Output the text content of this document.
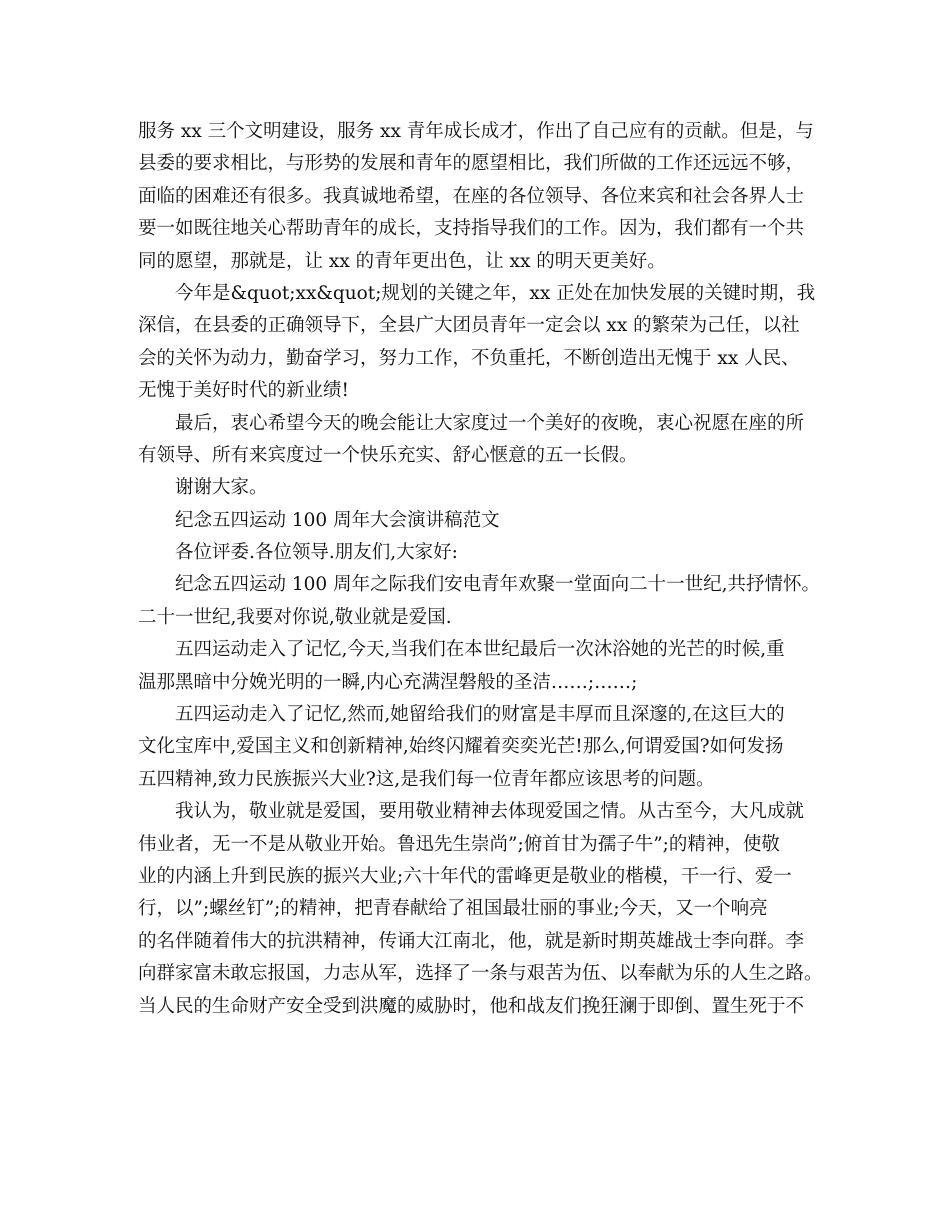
服务 xx 三个文明建设，服务 xx 青年成长成才，作出了自己应有的贡献。但是，与
县委的要求相比，与形势的发展和青年的愿望相比，我们所做的工作还远远不够，
面临的困难还有很多。我真诚地希望，在座的各位领导、各位来宾和社会各界人士
要一如既往地关心帮助青年的成长，支持指导我们的工作。因为，我们都有一个共
同的愿望，那就是，让 xx 的青年更出色，让 xx 的明天更美好。
今年是&quot;xx&quot;规划的关键之年，xx 正处在加快发展的关键时期，我
深信，在县委的正确领导下，全县广大团员青年一定会以 xx 的繁荣为己任，以社
会的关怀为动力，勤奋学习，努力工作，不负重托，不断创造出无愧于 xx 人民、
无愧于美好时代的新业绩!
最后，衷心希望今天的晚会能让大家度过一个美好的夜晚，衷心祝愿在座的所
有领导、所有来宾度过一个快乐充实、舒心惬意的五一长假。
谢谢大家。
纪念五四运动 100 周年大会演讲稿范文
各位评委.各位领导.朋友们,大家好:
纪念五四运动 100 周年之际我们安电青年欢聚一堂面向二十一世纪,共抒情怀。
二十一世纪,我要对你说,敬业就是爱国.
五四运动走入了记忆,今天,当我们在本世纪最后一次沐浴她的光芒的时候,重
温那黑暗中分娩光明的一瞬,内心充满涅磐般的圣洁……;……;
五四运动走入了记忆,然而,她留给我们的财富是丰厚而且深邃的,在这巨大的
文化宝库中,爱国主义和创新精神,始终闪耀着奕奕光芒!那么,何谓爱国?如何发扬
五四精神,致力民族振兴大业?这,是我们每一位青年都应该思考的问题。
我认为，敬业就是爱国，要用敬业精神去体现爱国之情。从古至今，大凡成就
伟业者，无一不是从敬业开始。鲁迅先生崇尚”;俯首甘为孺子牛”;的精神，使敬
业的内涵上升到民族的振兴大业;六十年代的雷峰更是敬业的楷模，干一行、爱一
行，以”;螺丝钉”;的精神，把青春献给了祖国最壮丽的事业;今天，又一个响亮
的名伴随着伟大的抗洪精神，传诵大江南北，他，就是新时期英雄战士李向群。李
向群家富未敢忘报国，力志从军，选择了一条与艰苦为伍、以奉献为乐的人生之路。
当人民的生命财产安全受到洪魔的威胁时，他和战友们挽狂澜于即倒、置生死于不
